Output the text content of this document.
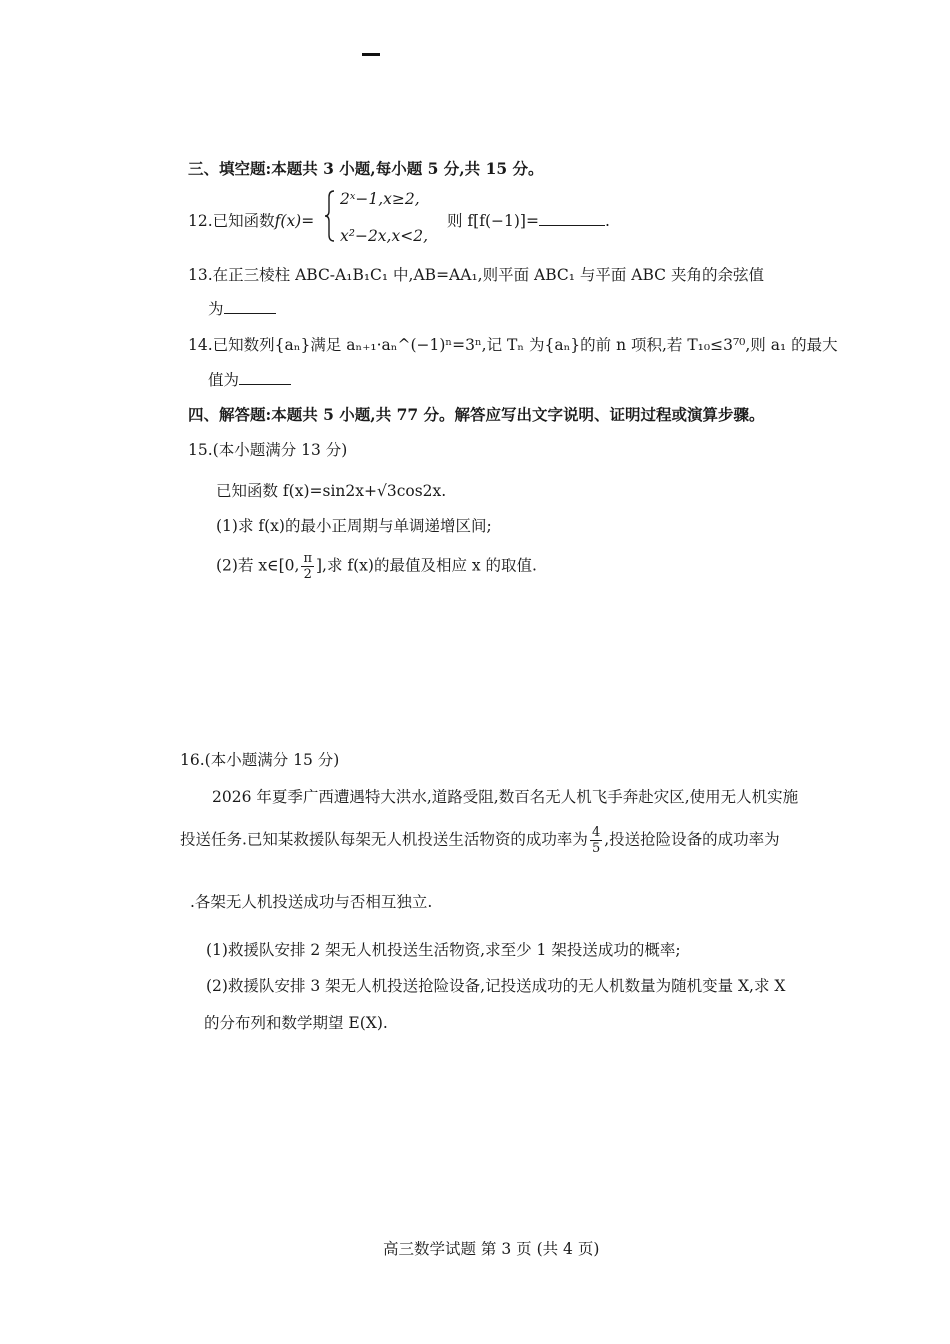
三、填空题:本题共 3 小题,每小题 5 分,共 15 分。
12.已知函数f(x)=
2ˣ−1,x≥2,
x²−2x,x<2,
则 f[f(−1)]=	.
13.在正三棱柱 ABC-A₁B₁C₁ 中,AB=AA₁,则平面 ABC₁ 与平面 ABC 夹角的余弦值
为
14.已知数列{aₙ}满足 aₙ₊₁·aₙ^(−1)ⁿ=3ⁿ,记 Tₙ 为{aₙ}的前 n 项积,若 T₁₀≤3⁷⁰,则 a₁ 的最大
值为
四、解答题:本题共 5 小题,共 77 分。解答应写出文字说明、证明过程或演算步骤。
15.(本小题满分 13 分)
已知函数 f(x)=sin2x+√3cos2x.
(1)求 f(x)的最小正周期与单调递增区间;
(2)若 x∈[0, $\frac{\pi}{2}$ ],求 f(x)的最值及相应 x 的取值.
16.(本小题满分 15 分)
2026 年夏季广西遭遇特大洪水,道路受阻,数百名无人机飞手奔赴灾区,使用无人机实施
投送任务.已知某救援队每架无人机投送生活物资的成功率为 $\frac{4}{5}$ ,投送抢险设备的成功率为
.各架无人机投送成功与否相互独立.
(1)救援队安排 2 架无人机投送生活物资,求至少 1 架投送成功的概率;
(2)救援队安排 3 架无人机投送抢险设备,记投送成功的无人机数量为随机变量 X,求 X
的分布列和数学期望 E(X).
高三数学试题 第 3 页 (共 4 页)
